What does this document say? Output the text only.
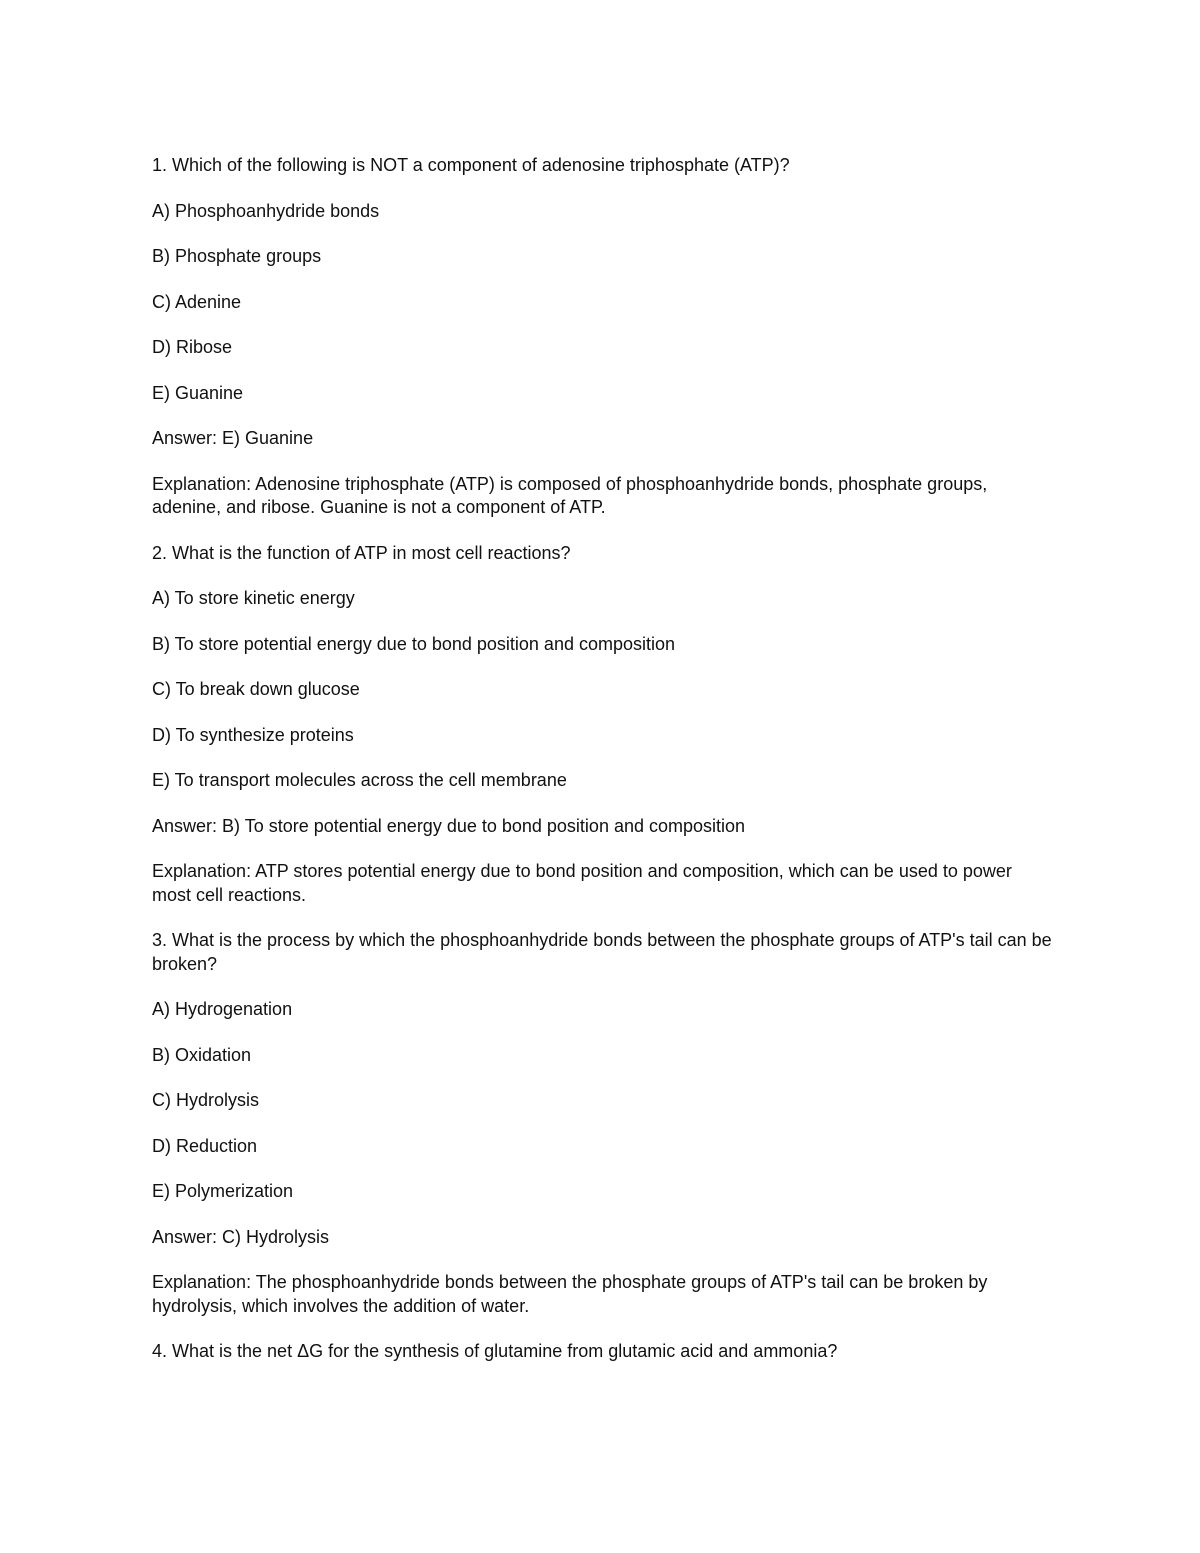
1. Which of the following is NOT a component of adenosine triphosphate (ATP)?

A) Phosphoanhydride bonds

B) Phosphate groups

C) Adenine

D) Ribose

E) Guanine

Answer: E) Guanine

Explanation: Adenosine triphosphate (ATP) is composed of phosphoanhydride bonds, phosphate groups, adenine, and ribose. Guanine is not a component of ATP.

2. What is the function of ATP in most cell reactions?

A) To store kinetic energy

B) To store potential energy due to bond position and composition

C) To break down glucose

D) To synthesize proteins

E) To transport molecules across the cell membrane

Answer: B) To store potential energy due to bond position and composition

Explanation: ATP stores potential energy due to bond position and composition, which can be used to power most cell reactions.

3. What is the process by which the phosphoanhydride bonds between the phosphate groups of ATP's tail can be broken?

A) Hydrogenation

B) Oxidation

C) Hydrolysis

D) Reduction

E) Polymerization

Answer: C) Hydrolysis

Explanation: The phosphoanhydride bonds between the phosphate groups of ATP's tail can be broken by hydrolysis, which involves the addition of water.

4. What is the net ΔG for the synthesis of glutamine from glutamic acid and ammonia?
